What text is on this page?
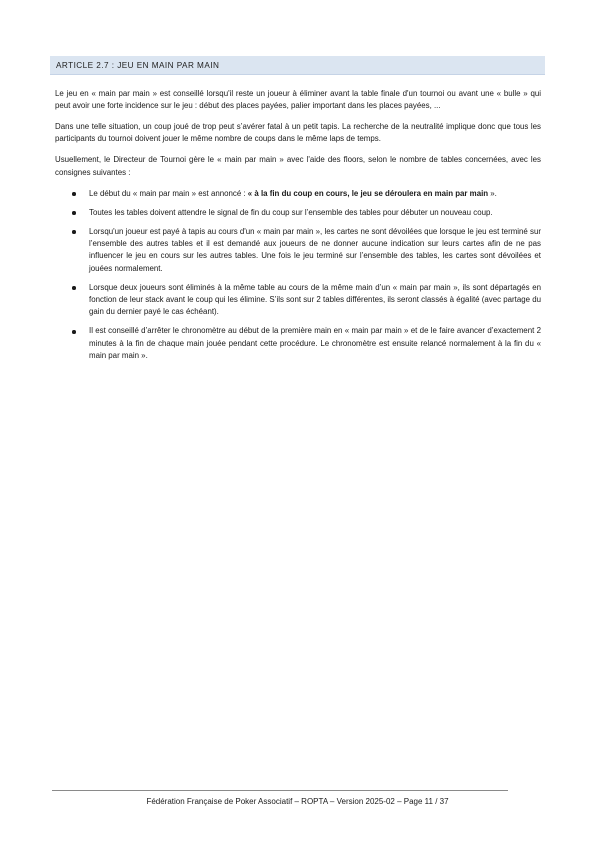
ARTICLE 2.7 : JEU EN MAIN PAR MAIN

Le jeu en « main par main » est conseillé lorsqu'il reste un joueur à éliminer avant la table finale d'un tournoi ou avant une « bulle » qui peut avoir une forte incidence sur le jeu : début des places payées, palier important dans les places payées, ...

Dans une telle situation, un coup joué de trop peut s’avérer fatal à un petit tapis. La recherche de la neutralité implique donc que tous les participants du tournoi doivent jouer le même nombre de coups dans le même laps de temps.

Usuellement, le Directeur de Tournoi gère le « main par main » avec l'aide des floors, selon le nombre de tables concernées, avec les consignes suivantes :

Le début du « main par main » est annoncé : « à la fin du coup en cours, le jeu se déroulera en main par main ».
Toutes les tables doivent attendre le signal de fin du coup sur l’ensemble des tables pour débuter un nouveau coup.
Lorsqu'un joueur est payé à tapis au cours d'un « main par main », les cartes ne sont dévoilées que lorsque le jeu est terminé sur l’ensemble des autres tables et il est demandé aux joueurs de ne donner aucune indication sur leurs cartes afin de ne pas influencer le jeu en cours sur les autres tables. Une fois le jeu terminé sur l’ensemble des tables, les cartes sont dévoilées et jouées normalement.
Lorsque deux joueurs sont éliminés à la même table au cours de la même main d’un « main par main », ils sont départagés en fonction de leur stack avant le coup qui les élimine. S’ils sont sur 2 tables différentes, ils seront classés à égalité (avec partage du gain du dernier payé le cas échéant).
Il est conseillé d’arrêter le chronomètre au début de la première main en « main par main » et de le faire avancer d’exactement 2 minutes à la fin de chaque main jouée pendant cette procédure. Le chronomètre est ensuite relancé normalement à la fin du « main par main ».
Fédération Française de Poker Associatif – ROPTA – Version 2025-02 – Page 11 / 37
